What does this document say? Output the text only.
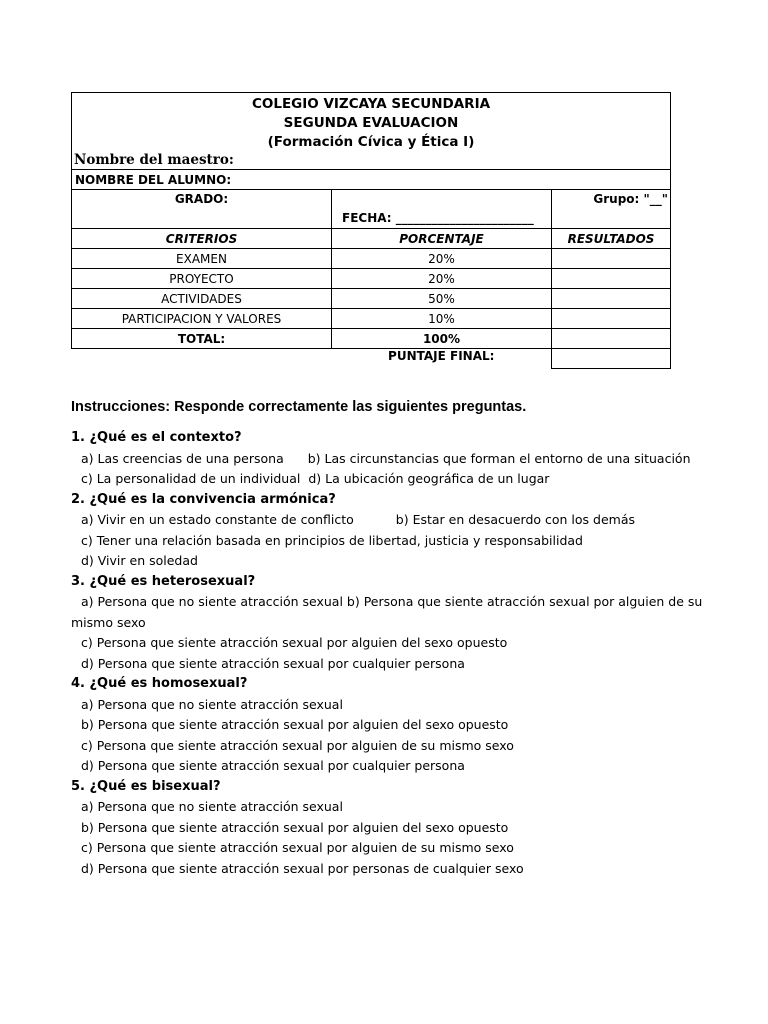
COLEGIO VIZCAYA SECUNDARIA
SEGUNDA EVALUACION
(Formación Cívica y Ética I)
Nombre del maestro:		

NOMBRE DEL ALUMNO:		

GRADO:	FECHA: _______________________	Grupo: "__"

CRITERIOS	PORCENTAJE	RESULTADOS
EXAMEN	20%	
PROYECTO	20%	
ACTIVIDADES	50%	
PARTICIPACION Y VALORES	10%	
TOTAL:	100%	
	PUNTAJE FINAL:	
Instrucciones: Responde correctamente las siguientes preguntas.
1. ¿Qué es el contexto?
a) Las creencias de una persona b) Las circunstancias que forman el entorno de una situación
c) La personalidad de un individual d) La ubicación geográfica de un lugar
2. ¿Qué es la convivencia armónica?
a) Vivir en un estado constante de conflicto	b) Estar en desacuerdo con los demás
c) Tener una relación basada en principios de libertad, justicia y responsabilidad
d) Vivir en soledad
3. ¿Qué es heterosexual?
a) Persona que no siente atracción sexual b) Persona que siente atracción sexual por alguien de su mismo sexo
c) Persona que siente atracción sexual por alguien del sexo opuesto
d) Persona que siente atracción sexual por cualquier persona
4. ¿Qué es homosexual?
a) Persona que no siente atracción sexual
b) Persona que siente atracción sexual por alguien del sexo opuesto
c) Persona que siente atracción sexual por alguien de su mismo sexo
d) Persona que siente atracción sexual por cualquier persona
5. ¿Qué es bisexual?
a) Persona que no siente atracción sexual
b) Persona que siente atracción sexual por alguien del sexo opuesto
c) Persona que siente atracción sexual por alguien de su mismo sexo
d) Persona que siente atracción sexual por personas de cualquier sexo
